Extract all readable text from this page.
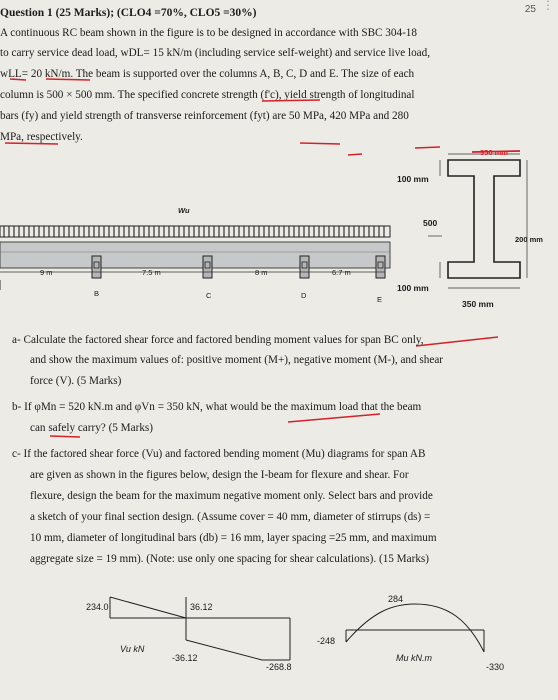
25 ⋮
Question 1 (25 Marks); (CLO4 =70%, CLO5 =30%)
A continuous RC beam shown in the figure is to be designed in accordance with SBC 304-18
to carry service dead load, wDL= 15 kN/m (including service self-weight) and service live load,
wLL= 20 kN/m. The beam is supported over the columns A, B, C, D and E. The size of each
column is 500 × 500 mm. The specified concrete strength (f'c), yield strength of longitudinal
bars (fy) and yield strength of transverse reinforcement (fyt) are 50 MPa, 420 MPa and 280
MPa, respectively.
Wu
9 m	7.5 m	8 m	6.7 m
B	C	D	E
350 mm
100 mm
500
200 mm
100 mm
350 mm
a- Calculate the factored shear force and factored bending moment values for span BC only,
and show the maximum values of: positive moment (M+), negative moment (M-), and shear
force (V). (5 Marks)
b- If φMn = 520 kN.m and φVn = 350 kN, what would be the maximum load that the beam
can safely carry? (5 Marks)
c- If the factored shear force (Vu) and factored bending moment (Mu) diagrams for span AB
are given as shown in the figures below, design the I-beam for flexure and shear. For
flexure, design the beam for the maximum negative moment only. Select bars and provide
a sketch of your final section design. (Assume cover = 40 mm, diameter of stirrups (ds) =
10 mm, diameter of longitudinal bars (db) = 16 mm, layer spacing =25 mm, and maximum
aggregate size = 19 mm). (Note: use only one spacing for shear calculations). (15 Marks)
234.0	36.12
Vu kN
-36.12
-268.8
-248
284
Mu kN.m
-330
